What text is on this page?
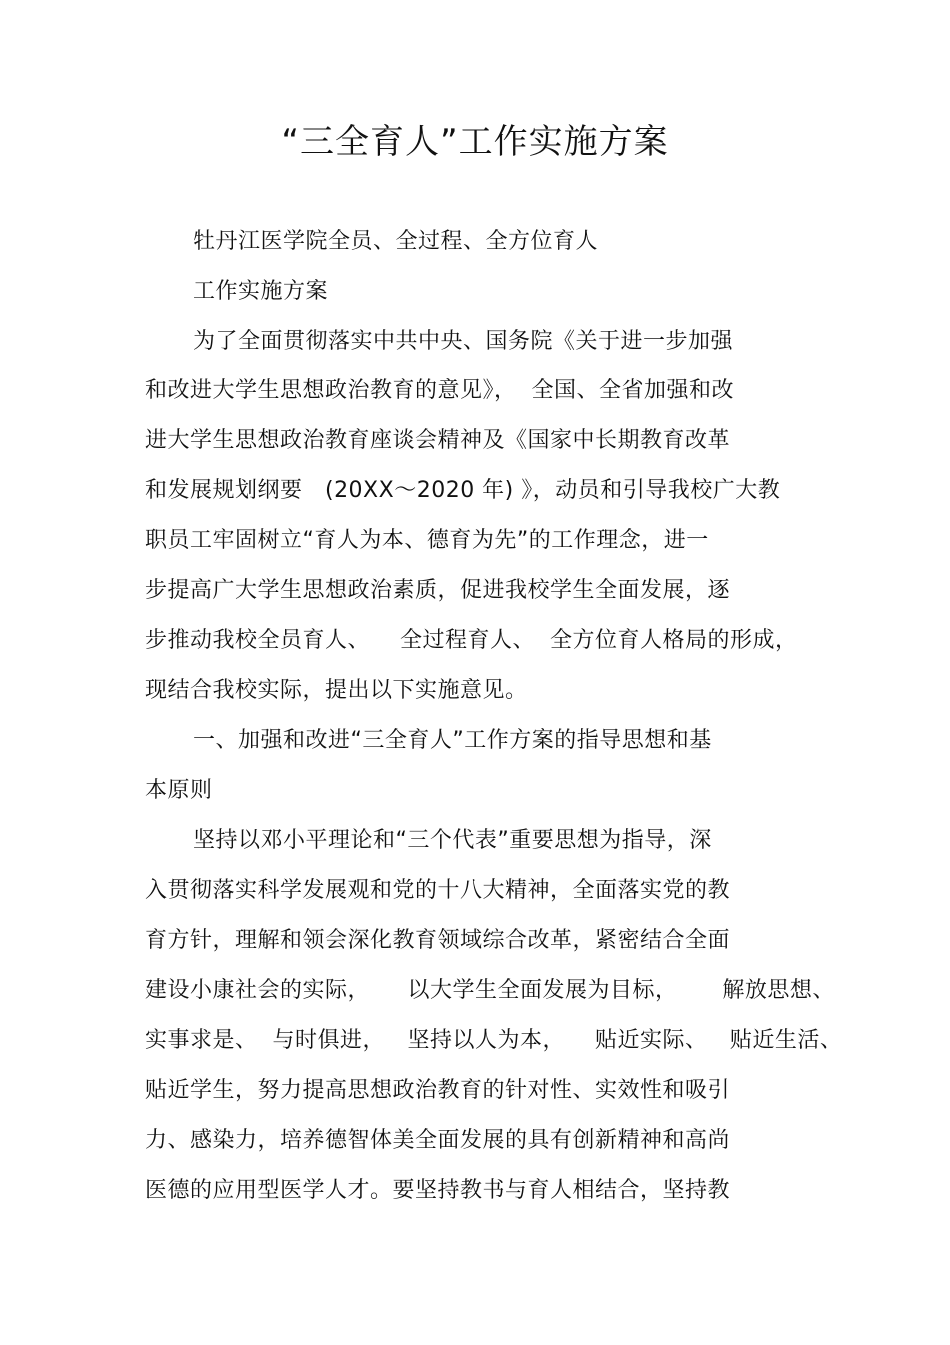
“三全育人”工作实施方案
牡丹江医学院全员、全过程、全方位育人
工作实施方案
为了全面贯彻落实中共中央、国务院《关于进一步加强
和改进大学生思想政治教育的意见》，  全国、全省加强和改
进大学生思想政治教育座谈会精神及《国家中长期教育改革
和发展规划纲要   (20XX～2020 年) 》，动员和引导我校广大教
职员工牢固树立“育人为本、德育为先”的工作理念，进一
步提高广大学生思想政治素质，促进我校学生全面发展，逐
步推动我校全员育人、    全过程育人、  全方位育人格局的形成，
现结合我校实际，提出以下实施意见。
一、加强和改进“三全育人”工作方案的指导思想和基
本原则
坚持以邓小平理论和“三个代表”重要思想为指导，深
入贯彻落实科学发展观和党的十八大精神，全面落实党的教
育方针，理解和领会深化教育领域综合改革，紧密结合全面
建设小康社会的实际，     以大学生全面发展为目标，      解放思想、
实事求是、  与时俱进，   坚持以人为本，    贴近实际、   贴近生活、
贴近学生，努力提高思想政治教育的针对性、实效性和吸引
力、感染力，培养德智体美全面发展的具有创新精神和高尚
医德的应用型医学人才。要坚持教书与育人相结合，坚持教
